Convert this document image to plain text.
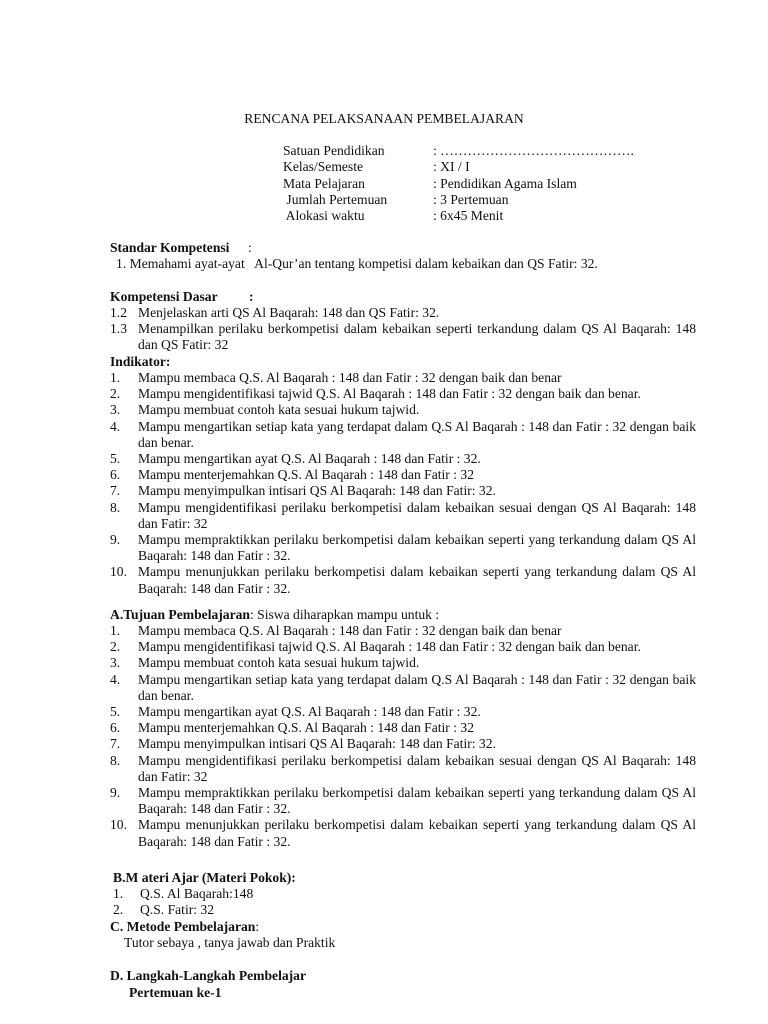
RENCANA PELAKSANAAN PEMBELAJARAN
Satuan Pendidikan	: …………………………………….
Kelas/Semeste	: XI / I
Mata Pelajaran	: Pendidikan Agama Islam
Jumlah Pertemuan	: 3 Pertemuan
Alokasi waktu	: 6x45 Menit
Standar Kompetensi :
1. Memahami ayat-ayat   Al-Qur’an tentang kompetisi dalam kebaikan dan QS Fatir: 32.
Kompetensi Dasar :
1.2 Menjelaskan arti QS Al Baqarah: 148 dan QS Fatir: 32.
1.3 Menampilkan perilaku berkompetisi dalam kebaikan seperti terkandung dalam QS Al Baqarah: 148 dan QS Fatir: 32
Indikator:
1. Mampu membaca Q.S. Al Baqarah : 148 dan Fatir : 32 dengan baik dan benar
2. Mampu mengidentifikasi tajwid Q.S. Al Baqarah : 148 dan Fatir : 32 dengan baik dan benar.
3. Mampu membuat contoh kata sesuai hukum tajwid.
4. Mampu mengartikan setiap kata yang terdapat dalam Q.S Al Baqarah : 148 dan Fatir : 32 dengan baik dan benar.
5. Mampu mengartikan ayat Q.S. Al Baqarah : 148 dan Fatir : 32.
6. Mampu menterjemahkan Q.S. Al Baqarah : 148 dan Fatir : 32
7. Mampu menyimpulkan intisari QS Al Baqarah: 148 dan Fatir: 32.
8. Mampu mengidentifikasi perilaku berkompetisi dalam kebaikan sesuai dengan QS Al Baqarah: 148 dan Fatir: 32
9. Mampu mempraktikkan perilaku berkompetisi dalam kebaikan seperti yang terkandung dalam QS Al Baqarah: 148 dan Fatir : 32.
10. Mampu menunjukkan perilaku berkompetisi dalam kebaikan seperti yang terkandung dalam QS Al Baqarah: 148 dan Fatir : 32.
A.Tujuan Pembelajaran: Siswa diharapkan mampu untuk :
1. Mampu membaca Q.S. Al Baqarah : 148 dan Fatir : 32 dengan baik dan benar
2. Mampu mengidentifikasi tajwid Q.S. Al Baqarah : 148 dan Fatir : 32 dengan baik dan benar.
3. Mampu membuat contoh kata sesuai hukum tajwid.
4. Mampu mengartikan setiap kata yang terdapat dalam Q.S Al Baqarah : 148 dan Fatir : 32 dengan baik dan benar.
5. Mampu mengartikan ayat Q.S. Al Baqarah : 148 dan Fatir : 32.
6. Mampu menterjemahkan Q.S. Al Baqarah : 148 dan Fatir : 32
7. Mampu menyimpulkan intisari QS Al Baqarah: 148 dan Fatir: 32.
8. Mampu mengidentifikasi perilaku berkompetisi dalam kebaikan sesuai dengan QS Al Baqarah: 148 dan Fatir: 32
9. Mampu mempraktikkan perilaku berkompetisi dalam kebaikan seperti yang terkandung dalam QS Al Baqarah: 148 dan Fatir : 32.
10. Mampu menunjukkan perilaku berkompetisi dalam kebaikan seperti yang terkandung dalam QS Al Baqarah: 148 dan Fatir : 32.
B.M ateri Ajar (Materi Pokok):
1. Q.S. Al Baqarah:148
2. Q.S. Fatir: 32
C. Metode Pembelajaran:
Tutor sebaya , tanya jawab dan Praktik
D. Langkah-Langkah Pembelajar
Pertemuan ke-1
